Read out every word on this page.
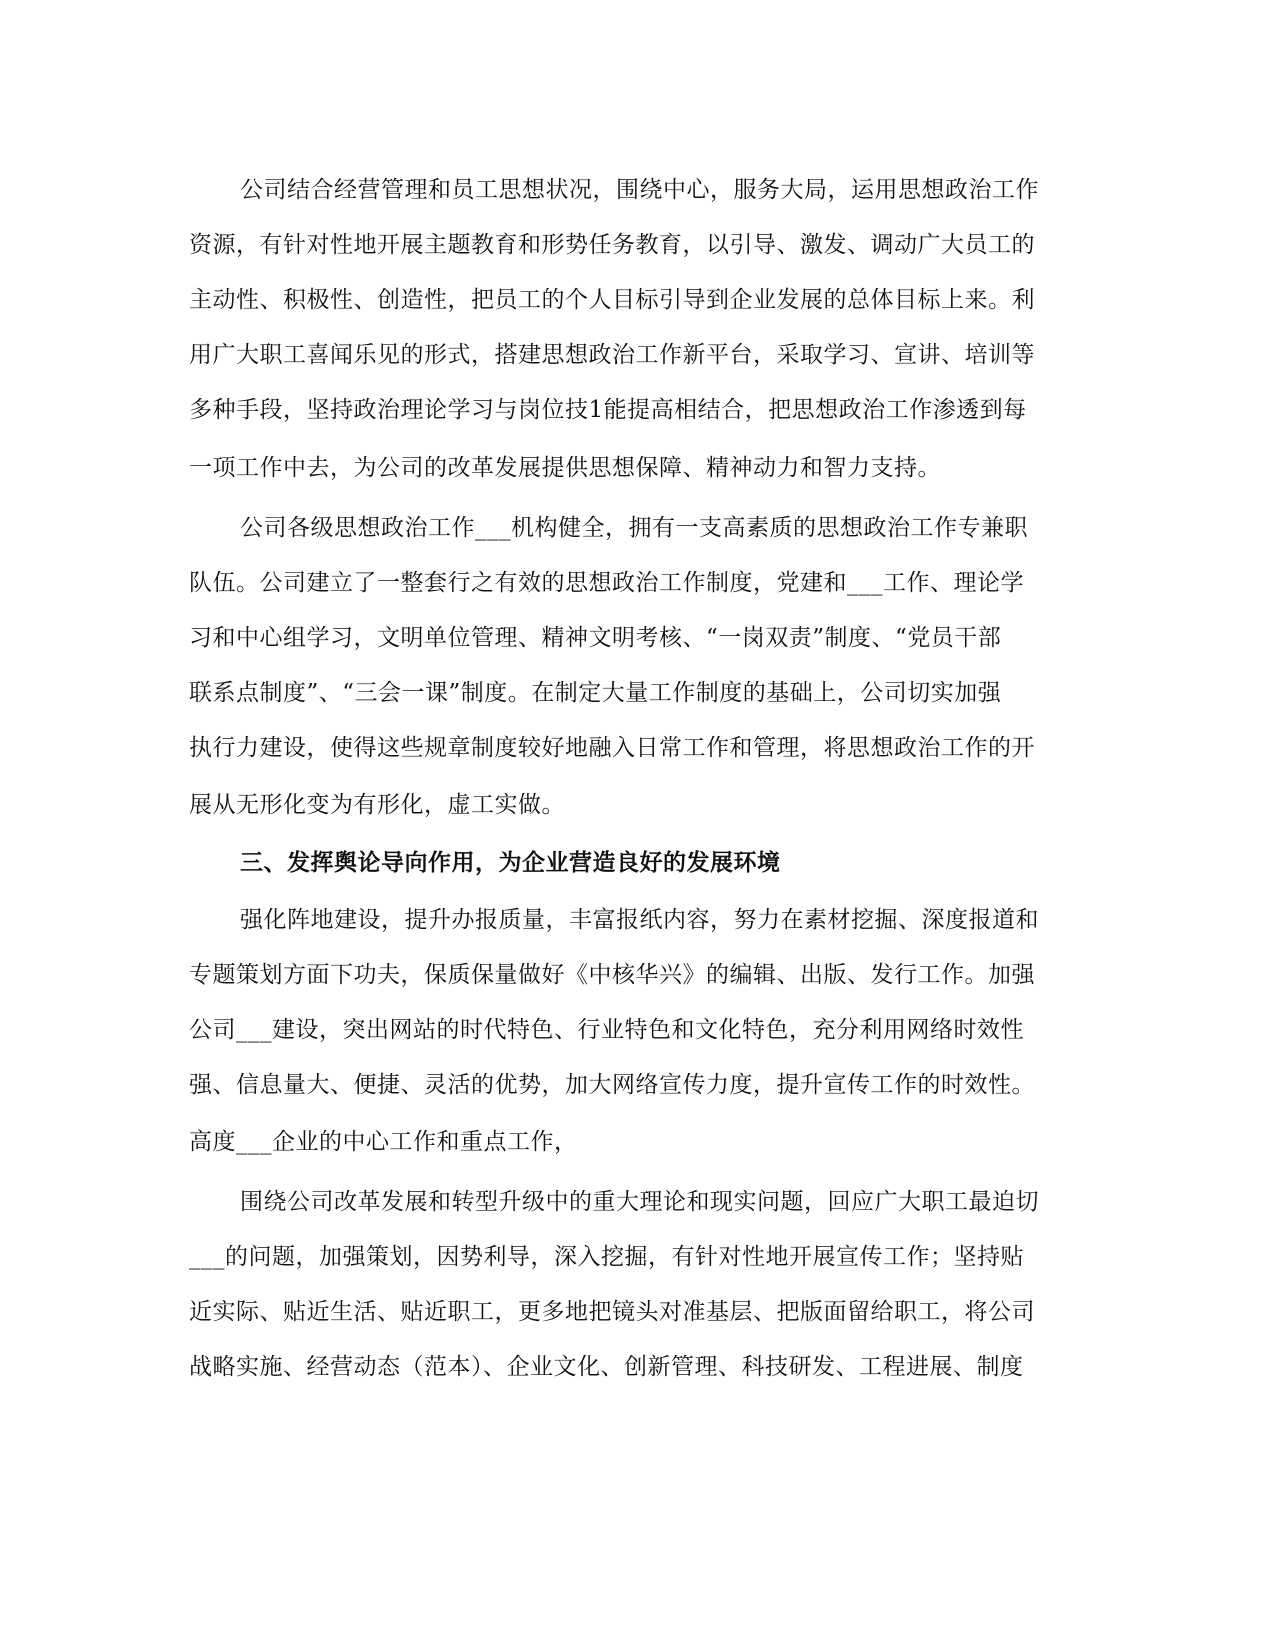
公司结合经营管理和员工思想状况，围绕中心，服务大局，运用思想政治工作
资源，有针对性地开展主题教育和形势任务教育，以引导、激发、调动广大员工的
主动性、积极性、创造性，把员工的个人目标引导到企业发展的总体目标上来。利
用广大职工喜闻乐见的形式，搭建思想政治工作新平台，采取学习、宣讲、培训等
多种手段，坚持政治理论学习与岗位技1能提高相结合，把思想政治工作渗透到每
一项工作中去，为公司的改革发展提供思想保障、精神动力和智力支持。
公司各级思想政治工作___机构健全，拥有一支高素质的思想政治工作专兼职
队伍。公司建立了一整套行之有效的思想政治工作制度，党建和___工作、理论学
习和中心组学习，文明单位管理、精神文明考核、“一岗双责”制度、“党员干部
联系点制度”、“三会一课”制度。在制定大量工作制度的基础上，公司切实加强
执行力建设，使得这些规章制度较好地融入日常工作和管理，将思想政治工作的开
展从无形化变为有形化，虚工实做。
三、发挥舆论导向作用，为企业营造良好的发展环境
强化阵地建设，提升办报质量，丰富报纸内容，努力在素材挖掘、深度报道和
专题策划方面下功夫，保质保量做好《中核华兴》的编辑、出版、发行工作。加强
公司___建设，突出网站的时代特色、行业特色和文化特色，充分利用网络时效性
强、信息量大、便捷、灵活的优势，加大网络宣传力度，提升宣传工作的时效性。
高度___企业的中心工作和重点工作，
围绕公司改革发展和转型升级中的重大理论和现实问题，回应广大职工最迫切
___的问题，加强策划，因势利导，深入挖掘，有针对性地开展宣传工作；坚持贴
近实际、贴近生活、贴近职工，更多地把镜头对准基层、把版面留给职工，将公司
战略实施、经营动态（范本）、企业文化、创新管理、科技研发、工程进展、制度
